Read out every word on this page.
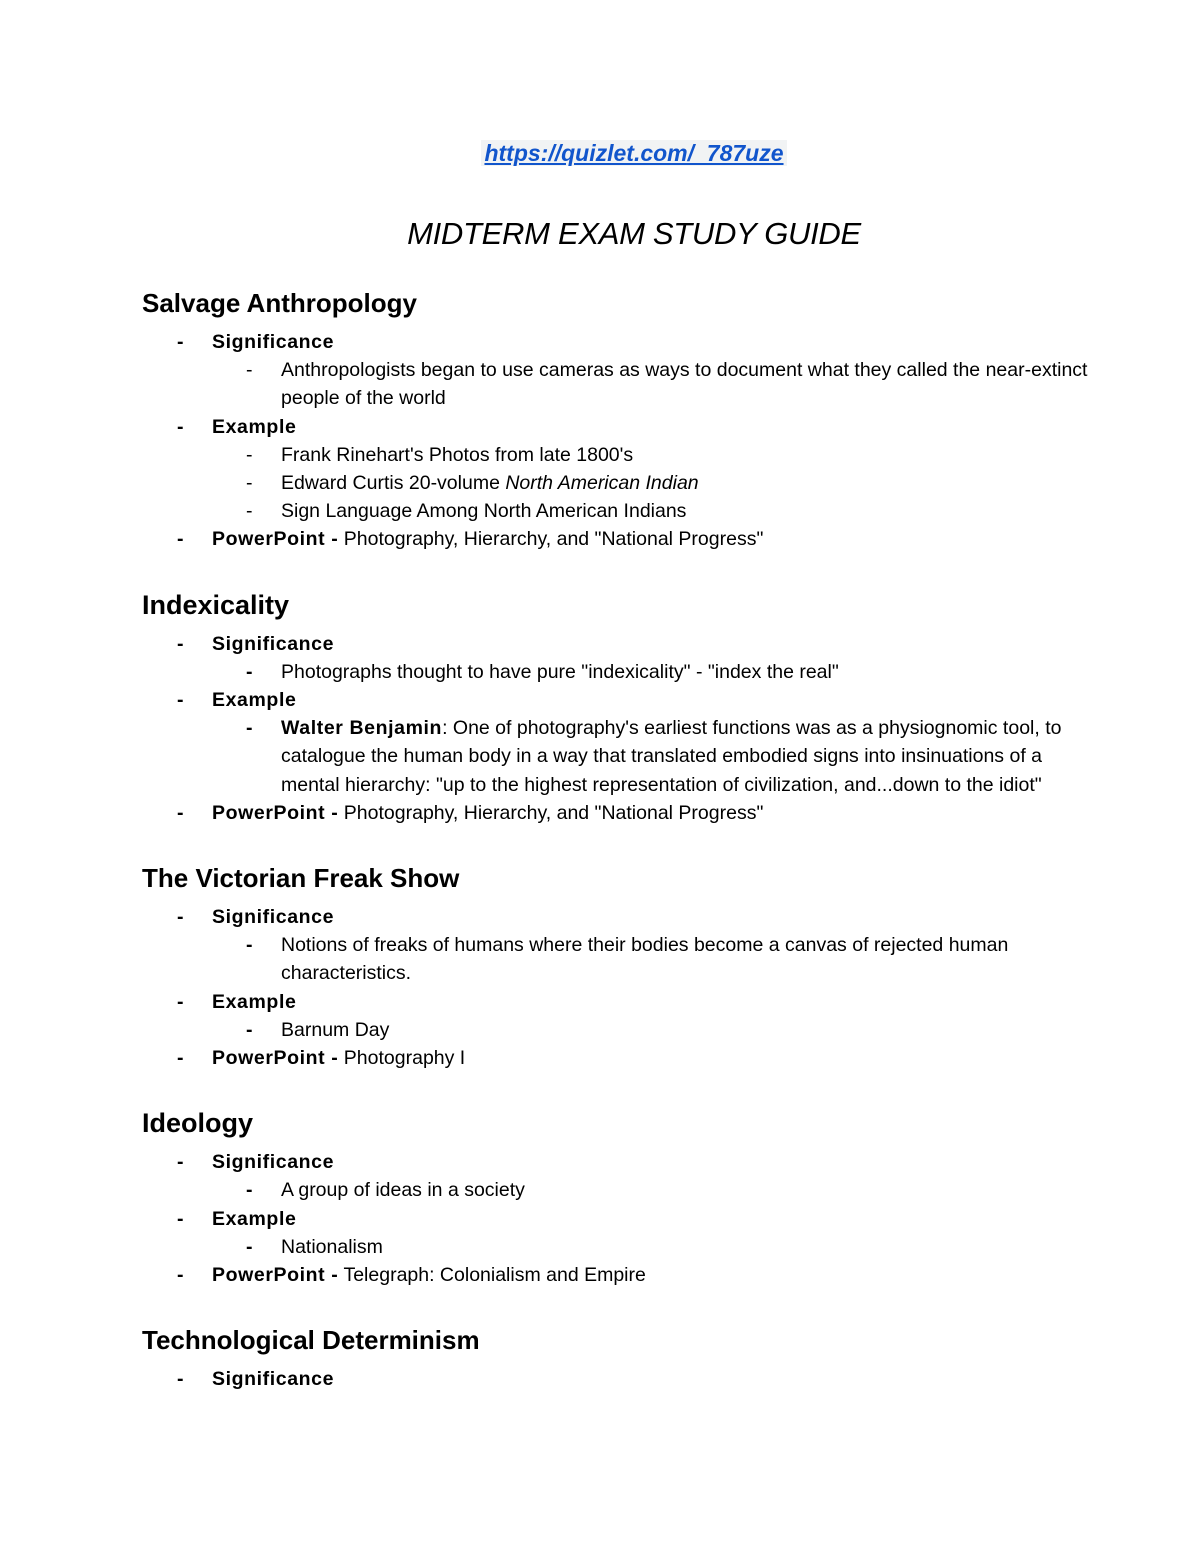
https://quizlet.com/_787uze
MIDTERM EXAM STUDY GUIDE
Salvage Anthropology
-	Significance
-	Anthropologists began to use cameras as ways to document what they called the near-extinct people of the world
-	Example
-	Frank Rinehart's Photos from late 1800's
-	Edward Curtis 20-volume North American Indian
-	Sign Language Among North American Indians
-	PowerPoint - Photography, Hierarchy, and "National Progress"
Indexicality
-	Significance
-	Photographs thought to have pure "indexicality" - "index the real"
-	Example
-	Walter Benjamin: One of photography's earliest functions was as a physiognomic tool, to catalogue the human body in a way that translated embodied signs into insinuations of a mental hierarchy: "up to the highest representation of civilization, and...down to the idiot"
-	PowerPoint - Photography, Hierarchy, and "National Progress"
The Victorian Freak Show
-	Significance
-	Notions of freaks of humans where their bodies become a canvas of rejected human characteristics.
-	Example
-	Barnum Day
-	PowerPoint - Photography I
Ideology
-	Significance
-	A group of ideas in a society
-	Example
-	Nationalism
-	PowerPoint - Telegraph: Colonialism and Empire
Technological Determinism
-	Significance
